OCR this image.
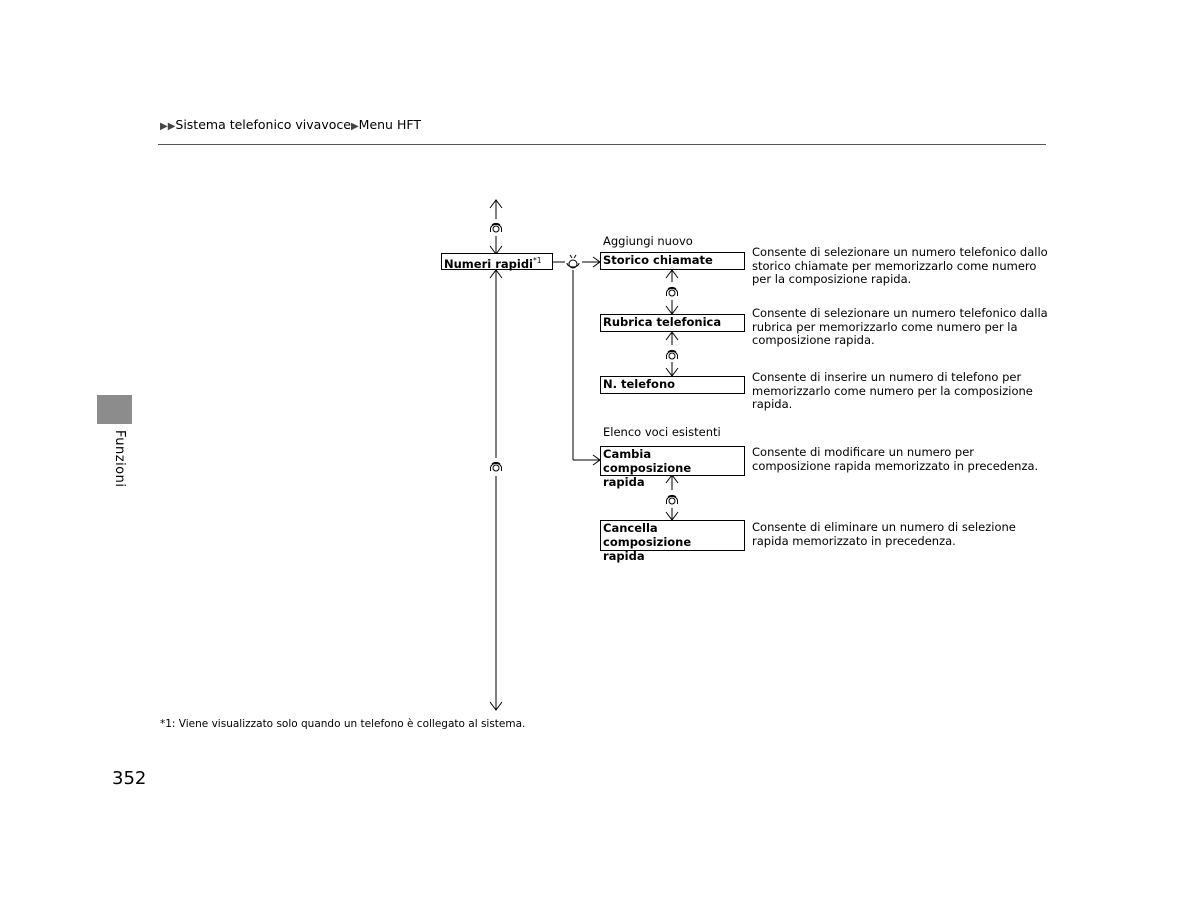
▶▶Sistema telefonico vivavoce▶Menu HFT
Funzioni
Numeri rapidi$^{*1}$
Aggiungi nuovo
Elenco voci esistenti
Storico chiamate
Rubrica telefonica
N. telefono
Cambia composizione rapida
Cancella composizione rapida
Consente di selezionare un numero telefonico dallo storico chiamate per memorizzarlo come numero per la composizione rapida.
Consente di selezionare un numero telefonico dalla rubrica per memorizzarlo come numero per la composizione rapida.
Consente di inserire un numero di telefono per memorizzarlo come numero per la composizione rapida.
Consente di modificare un numero per composizione rapida memorizzato in precedenza.
Consente di eliminare un numero di selezione rapida memorizzato in precedenza.
*1: Viene visualizzato solo quando un telefono è collegato al sistema.
352
